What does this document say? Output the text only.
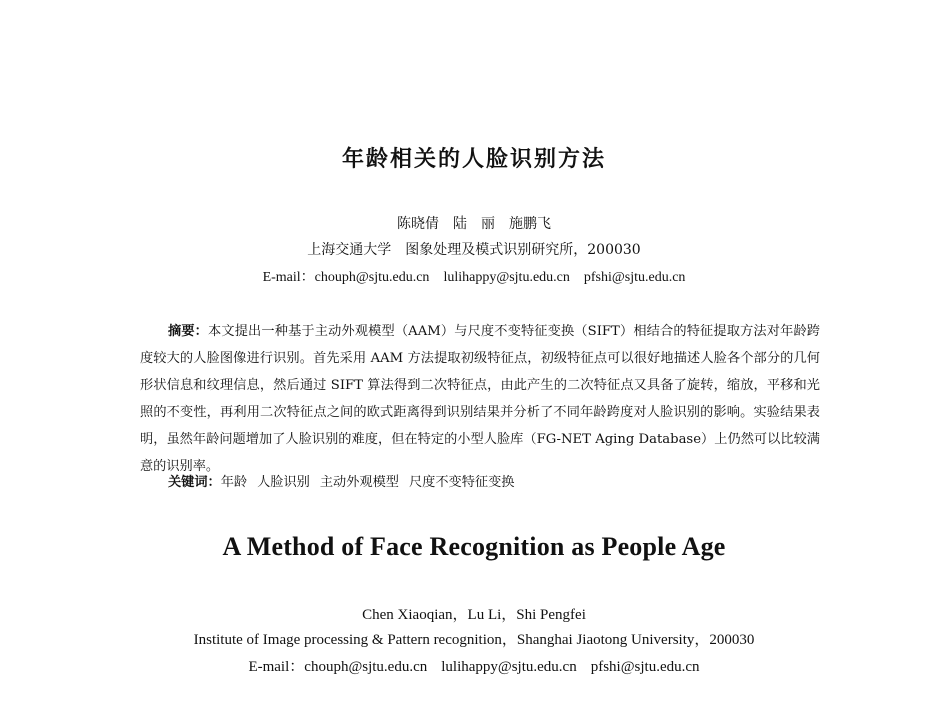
年龄相关的人脸识别方法
陈晓倩　陆　丽　施鹏飞
上海交通大学　图象处理及模式识别研究所，200030
E-mail：chouph@sjtu.edu.cn lulihappy@sjtu.edu.cn pfshi@sjtu.edu.cn
摘要：本文提出一种基于主动外观模型（AAM）与尺度不变特征变换（SIFT）相结合的特征提取方法对年龄跨度较大的人脸图像进行识别。首先采用 AAM 方法提取初级特征点，初级特征点可以很好地描述人脸各个部分的几何形状信息和纹理信息，然后通过 SIFT 算法得到二次特征点，由此产生的二次特征点又具备了旋转，缩放，平移和光照的不变性，再利用二次特征点之间的欧式距离得到识别结果并分析了不同年龄跨度对人脸识别的影响。实验结果表明，虽然年龄问题增加了人脸识别的难度，但在特定的小型人脸库（FG-NET Aging Database）上仍然可以比较满意的识别率。
关键词：年龄 人脸识别 主动外观模型 尺度不变特征变换
A Method of Face Recognition as People Age
Chen Xiaoqian，Lu Li，Shi Pengfei
Institute of Image processing & Pattern recognition，Shanghai Jiaotong University，200030
E-mail：chouph@sjtu.edu.cn lulihappy@sjtu.edu.cn pfshi@sjtu.edu.cn
